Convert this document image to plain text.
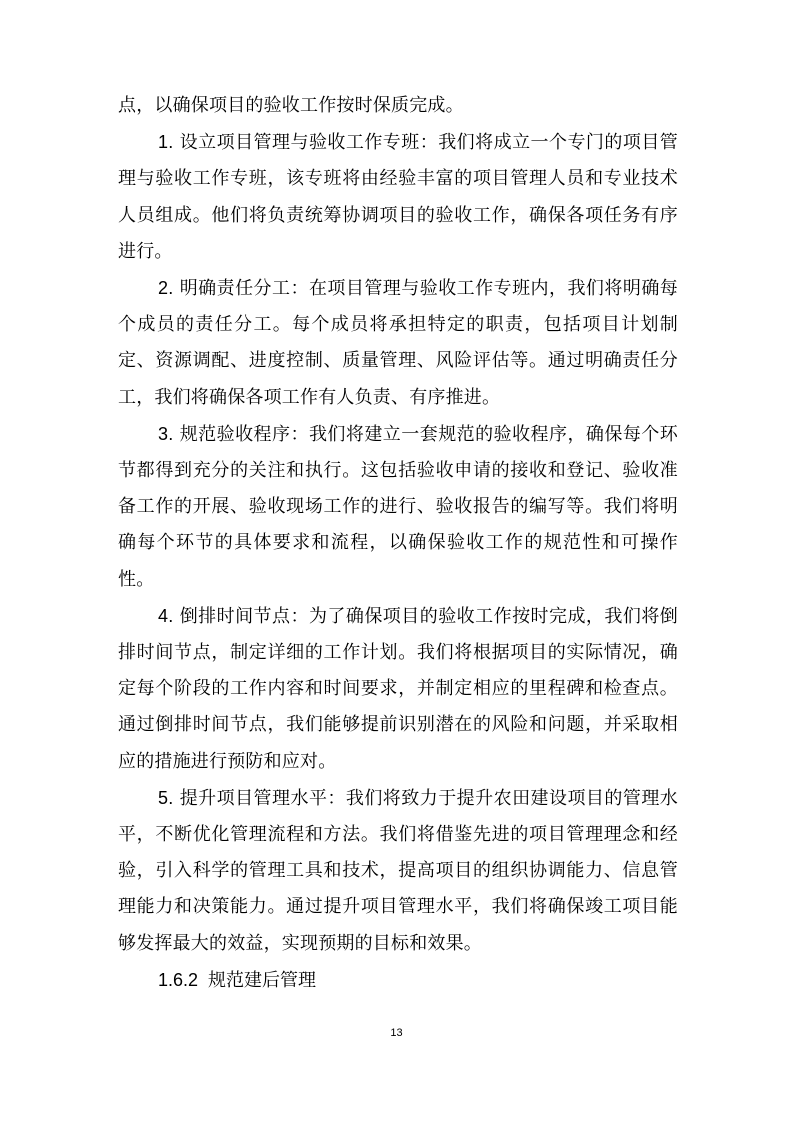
点，以确保项目的验收工作按时保质完成。

1. 设立项目管理与验收工作专班：我们将成立一个专门的项目管理与验收工作专班，该专班将由经验丰富的项目管理人员和专业技术人员组成。他们将负责统筹协调项目的验收工作，确保各项任务有序进行。

2. 明确责任分工：在项目管理与验收工作专班内，我们将明确每个成员的责任分工。每个成员将承担特定的职责，包括项目计划制定、资源调配、进度控制、质量管理、风险评估等。通过明确责任分工，我们将确保各项工作有人负责、有序推进。

3. 规范验收程序：我们将建立一套规范的验收程序，确保每个环节都得到充分的关注和执行。这包括验收申请的接收和登记、验收准备工作的开展、验收现场工作的进行、验收报告的编写等。我们将明确每个环节的具体要求和流程，以确保验收工作的规范性和可操作性。

4. 倒排时间节点：为了确保项目的验收工作按时完成，我们将倒排时间节点，制定详细的工作计划。我们将根据项目的实际情况，确定每个阶段的工作内容和时间要求，并制定相应的里程碑和检查点。通过倒排时间节点，我们能够提前识别潜在的风险和问题，并采取相应的措施进行预防和应对。

5. 提升项目管理水平：我们将致力于提升农田建设项目的管理水平，不断优化管理流程和方法。我们将借鉴先进的项目管理理念和经验，引入科学的管理工具和技术，提高项目的组织协调能力、信息管理能力和决策能力。通过提升项目管理水平，我们将确保竣工项目能够发挥最大的效益，实现预期的目标和效果。

1.6.2 规范建后管理

13
